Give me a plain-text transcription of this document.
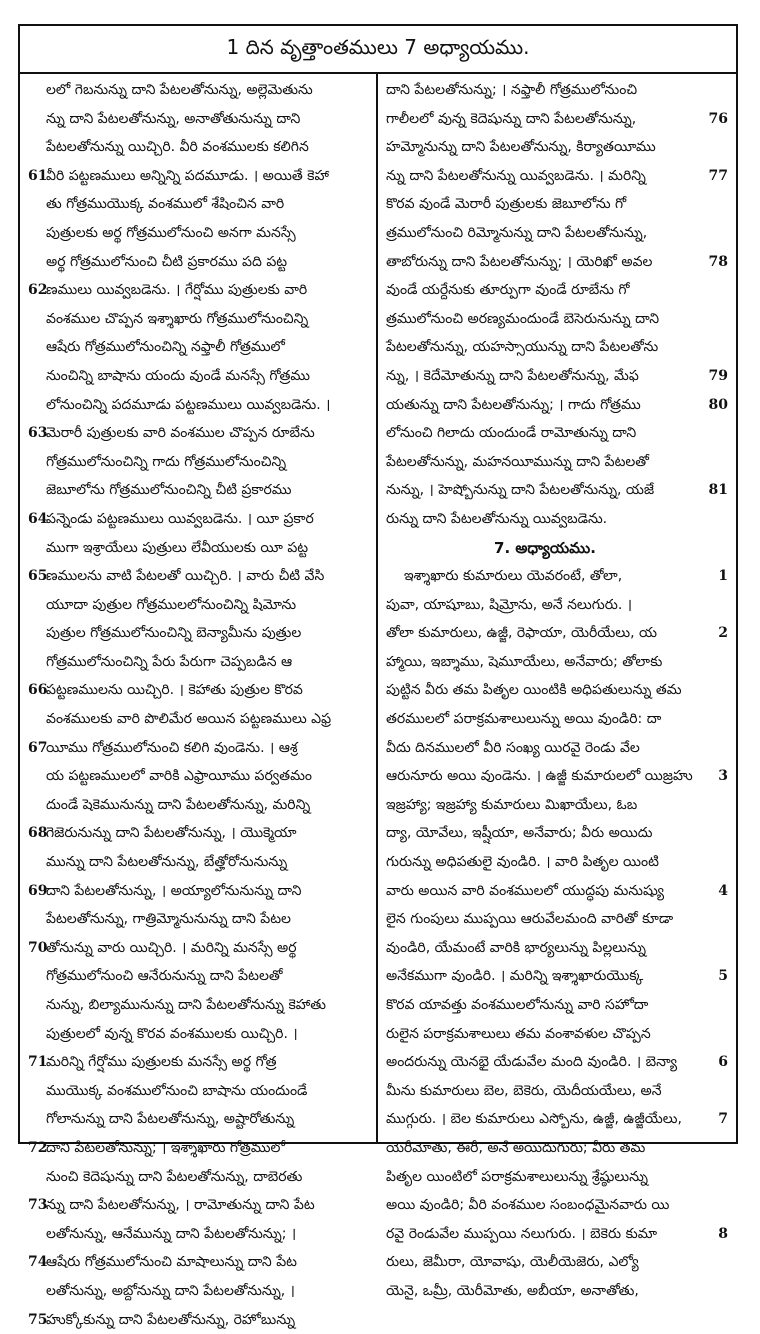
1 దిన వృత్తాంతములు 7 అధ్యాయము.
లలో గెబనున్ను దాని పేటలతోనున్ను, అల్లెమెతును
న్ను దాని పేటలతోనున్ను, అనాతోతునున్ను దాని
పేటలతోనున్ను యిచ్చిరి. వీరి వంశములకు కలిగిన
61వీరి పట్టణములు అన్నిన్ని పదమూడు. । అయితే కెహా
తు గోత్రముయొక్క వంశములో శేషించిన వారి
పుత్రులకు అర్థ గోత్రములోనుంచి అనగా మనస్సే
అర్థ గోత్రములోనుంచి చీటి ప్రకారము పది పట్ట
62ణములు యివ్వబడెను. । గేర్షోము పుత్రులకు వారి
వంశముల చొప్పన ఇశ్శాఖారు గోత్రములోనుంచిన్ని
ఆషేరు గోత్రములోనుంచిన్ని నఫ్తాలీ గోత్రములో
నుంచిన్ని బాషాను యందు వుండే మనస్సే గోత్రము
లోనుంచిన్ని పదమూడు పట్టణములు యివ్వబడెను. ।
63మెరారీ పుత్రులకు వారి వంశముల చొప్పన రూబేను
గోత్రములోనుంచిన్ని గాదు గోత్రములోనుంచిన్ని
జెబూలోను గోత్రములోనుంచిన్ని చీటి ప్రకారము
64పన్నెండు పట్టణములు యివ్వబడెను. । యీ ప్రకార
ముగా ఇశ్రాయేలు పుత్రులు లేవీయులకు యీ పట్ట
65ణములను వాటి పేటలతో యిచ్చిరి. । వారు చీటి వేసి
యూదా పుత్రుల గోత్రములలోనుంచిన్ని షిమోను
పుత్రుల గోత్రములోనుంచిన్ని బెన్యామీను పుత్రుల
గోత్రములోనుంచిన్ని పేరు పేరుగా చెప్పబడిన ఆ
66పట్టణములను యిచ్చిరి. । కెహాతు పుత్రుల కొరవ
వంశములకు వారి పొలిమేర అయిన పట్టణములు ఎఫ్ర
67యీము గోత్రములోనుంచి కలిగి వుండెను. । ఆశ్ర
య పట్టణములలో వారికి ఎఫ్రాయీము పర్వతమం
దుండే షెకెమునున్ను దాని పేటలతోనున్ను, మరిన్ని
68గెజెరునున్ను దాని పేటలతోనున్ను, । యొక్మెయా
మున్ను దాని పేటలతోనున్ను, బేత్హోరోనునున్ను
69దాని పేటలతోనున్ను, । అయ్యాలోనునున్ను దాని
పేటలతోనున్ను, గాత్రిమ్మోనునున్ను దాని పేటల
70తోనున్ను వారు యిచ్చిరి. । మరిన్ని మనస్సే అర్థ
గోత్రములోనుంచి ఆనేరునున్ను దాని పేటలతో
నున్ను, బిల్యామునున్ను దాని పేటలతోనున్ను కెహాతు
పుత్రులలో వున్న కొరవ వంశములకు యిచ్చిరి. ।
71మరిన్ని గేర్షోము పుత్రులకు మనస్సే అర్థ గోత్ర
ముయొక్క వంశములోనుంచి బాషాను యందుండే
గోలానున్ను దాని పేటలతోనున్ను, అష్టారోతున్ను
72దాని పేటలతోనున్ను; । ఇశ్శాఖారు గోత్రములో
నుంచి కెదెషున్ను దాని పేటలతోనున్ను, దాబెరతు
73న్ను దాని పేటలతోనున్ను, । రామోతున్ను దాని పేట
లతోనున్ను, ఆనేమున్ను దాని పేటలతోనున్ను; ।
74ఆషేరు గోత్రములోనుంచి మాషాలున్ను దాని పేట
లతోనున్ను, అబ్దోనున్ను దాని పేటలతోనున్ను, ।
75హుక్కోకున్ను దాని పేటలతోనున్ను, రెహోబున్ను
దాని పేటలతోనున్ను; । నఫ్తాలీ గోత్రములోనుంచి
గాలీలలో వున్న కెదెషున్ను దాని పేటలతోనున్ను,	76
హమ్మోనున్ను దాని పేటలతోనున్ను, కిర్యాతయీము
న్ను దాని పేటలతోనున్ను యివ్వబడెను. । మరిన్ని	77
కొరవ వుండే మెరారీ పుత్రులకు జెబూలోను గో
త్రములోనుంచి రిమ్మోనున్ను దాని పేటలతోనున్ను,
తాబోరున్ను దాని పేటలతోనున్ను; । యెరిఖో అవల	78
వుండే యర్దేనుకు తూర్పుగా వుండే రూబేను గో
త్రములోనుంచి అరణ్యమందుండే బెసెరునున్ను దాని
పేటలతోనున్ను, యహస్సాయున్ను దాని పేటలతోను
న్ను, । కెదేమోతున్ను దాని పేటలతోనున్ను, మేఫ	79
యతున్ను దాని పేటలతోనున్ను; । గాదు గోత్రము	80
లోనుంచి గిలాదు యందుండే రామోతున్ను దాని
పేటలతోనున్ను, మహనయీమున్ను దాని పేటలతో
నున్ను, । హెష్బోనున్ను దాని పేటలతోనున్ను, యజే	81
రున్ను దాని పేటలతోనున్ను యివ్వబడెను.
7. అధ్యాయము.
ఇశ్శాఖారు కుమారులు యెవరంటే, తోలా,	1
పువా, యాషూబు, షిమ్రోను, అనే నలుగురు. ।
తోలా కుమారులు, ఉజ్జీ, రెఫాయా, యెరీయేలు, య	2
హ్మాయి, ఇబ్శాము, షెమూయేలు, అనేవారు; తోలాకు
పుట్టిన వీరు తమ పితృల యింటికి అధిపతులున్ను తమ
తరములలో పరాక్రమశాలులున్ను అయి వుండిరి: దా
వీదు దినములలో వీరి సంఖ్య యిరవై రెండు వేల
ఆరునూరు అయి వుండెను. । ఉజ్జీ కుమారులలో యిజ్రహు 3
ఇజ్రహ్యా; ఇజ్రహ్యా కుమారులు మిఖాయేలు, ఓబ
ద్యా, యోవేలు, ఇష్షీయా, అనేవారు; వీరు అయిదు
గురున్ను అధిపతులై వుండిరి. । వారి పితృల యింటి
వారు అయిన వారి వంశములలో యుద్ధపు మనుష్యు	4
లైన గుంపులు ముప్పయి ఆరువేలమంది వారితో కూడా
వుండిరి, యేమంటే వారికి భార్యలున్ను పిల్లలున్ను
అనేకముగా వుండిరి. । మరిన్ని ఇశ్శాఖారుయొక్క	5
కొరవ యావత్తు వంశములలోనున్ను వారి సహోదా
రులైన పరాక్రమశాలులు తమ వంశావళుల చొప్పన
అందరున్ను యెనభై యేడువేల మంది వుండిరి. । బెన్యా	6
మీను కుమారులు బెల, బెకెరు, యెదీయయేలు, అనే
ముగ్గురు. । బెల కుమారులు ఎస్బోను, ఉజ్జీ, ఉజ్జీయేలు,	7
యెరీమోతు, ఈరీ, అనే అయిదుగురు; వీరు తమ
పితృల యింటిలో పరాక్రమశాలులున్ను శ్రేష్ఠులున్ను
అయి వుండిరి; వీరి వంశముల సంబంధమైనవారు యి
రవై రెండువేల ముప్పయి నలుగురు. । బెకెరు కుమా	8
రులు, జెమీరా, యోవాషు, యెలీయెజెరు, ఎల్యో
యెనై, ఒమ్రీ, యెరీమోతు, అబీయా, అనాతోతు,
